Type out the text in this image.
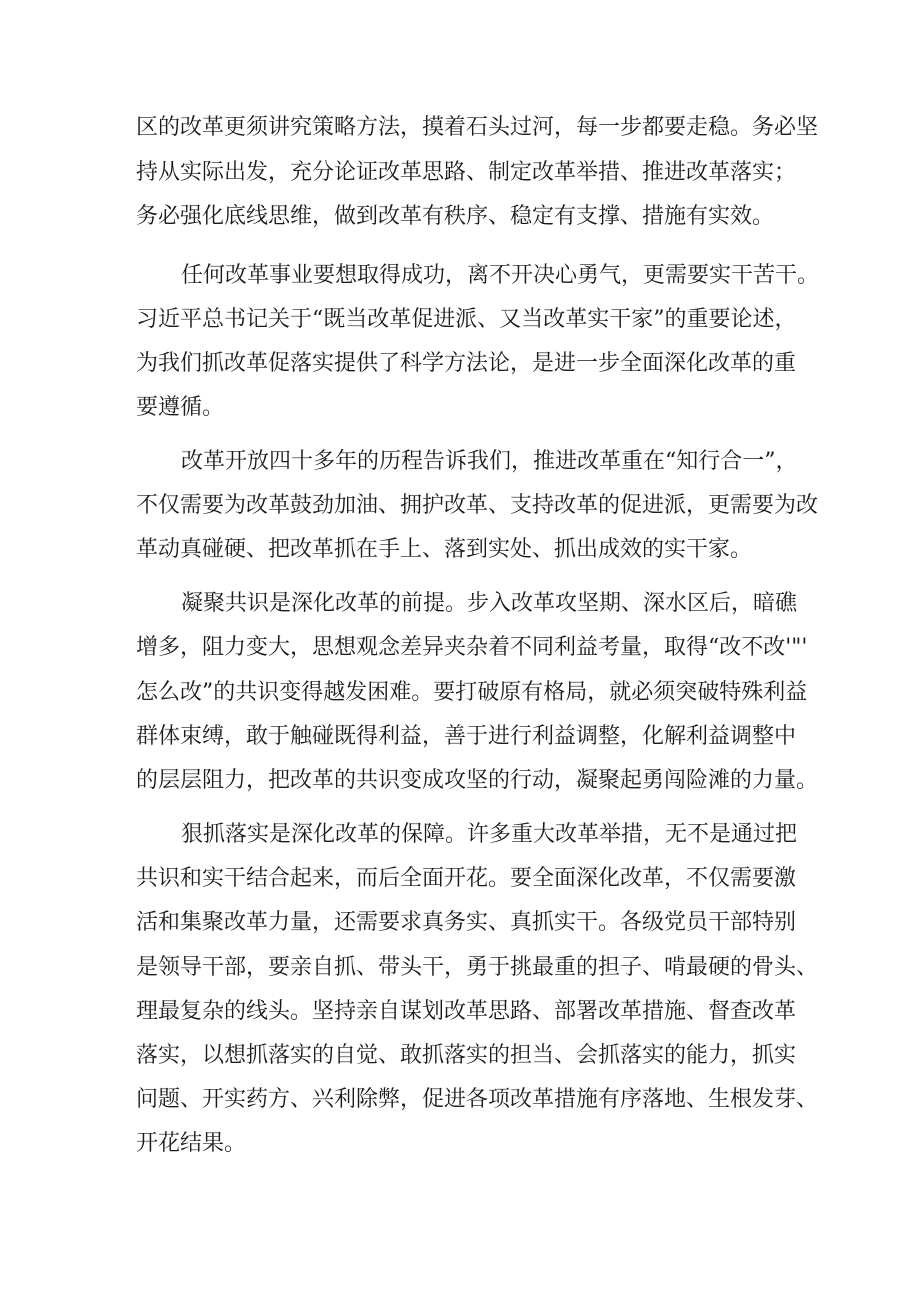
区的改革更须讲究策略方法，摸着石头过河，每一步都要走稳。务必坚
持从实际出发，充分论证改革思路、制定改革举措、推进改革落实；
务必强化底线思维，做到改革有秩序、稳定有支撑、措施有实效。
任何改革事业要想取得成功，离不开决心勇气，更需要实干苦干。
习近平总书记关于“既当改革促进派、又当改革实干家”的重要论述，
为我们抓改革促落实提供了科学方法论，是进一步全面深化改革的重
要遵循。
改革开放四十多年的历程告诉我们，推进改革重在“知行合一”，
不仅需要为改革鼓劲加油、拥护改革、支持改革的促进派，更需要为改
革动真碰硬、把改革抓在手上、落到实处、抓出成效的实干家。
凝聚共识是深化改革的前提。步入改革攻坚期、深水区后，暗礁
增多，阻力变大，思想观念差异夹杂着不同利益考量，取得“改不改'"'
怎么改”的共识变得越发困难。要打破原有格局，就必须突破特殊利益
群体束缚，敢于触碰既得利益，善于进行利益调整，化解利益调整中
的层层阻力，把改革的共识变成攻坚的行动，凝聚起勇闯险滩的力量。
狠抓落实是深化改革的保障。许多重大改革举措，无不是通过把
共识和实干结合起来，而后全面开花。要全面深化改革，不仅需要激
活和集聚改革力量，还需要求真务实、真抓实干。各级党员干部特别
是领导干部，要亲自抓、带头干，勇于挑最重的担子、啃最硬的骨头、
理最复杂的线头。坚持亲自谋划改革思路、部署改革措施、督查改革
落实，以想抓落实的自觉、敢抓落实的担当、会抓落实的能力，抓实
问题、开实药方、兴利除弊，促进各项改革措施有序落地、生根发芽、
开花结果。
